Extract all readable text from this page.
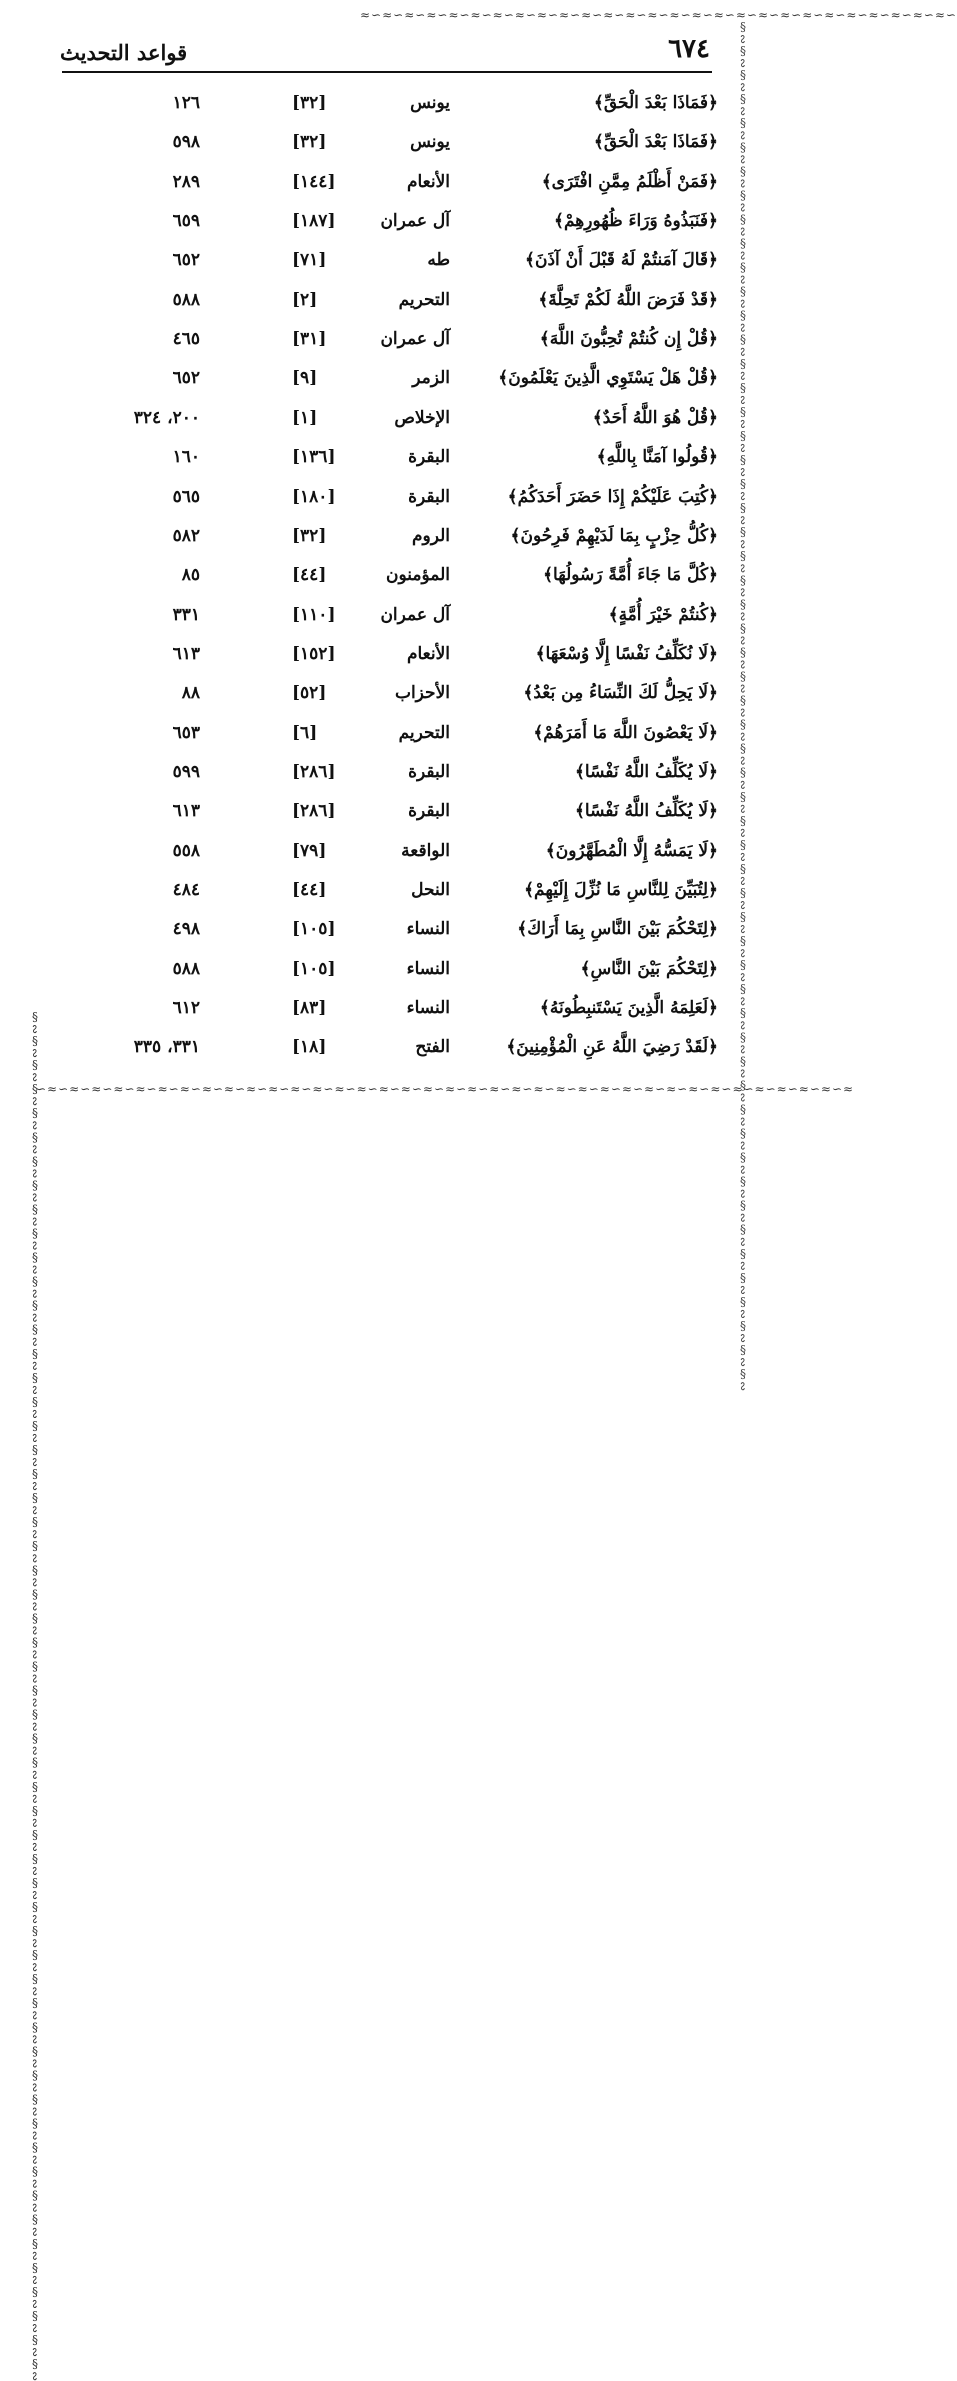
≈∽≈∽≈∽≈∽≈∽≈∽≈∽≈∽≈∽≈∽≈∽≈∽≈∽≈∽≈∽≈∽≈∽≈∽≈∽≈∽≈∽≈∽≈∽≈∽≈∽≈∽≈∽
§∾§∾§∾§∾§∾§∾§∾§∾§∾§∾§∾§∾§∾§∾§∾§∾§∾§∾§∾§∾§∾§∾§∾§∾§∾§∾§∾§∾§∾§∾§∾§∾§∾§∾§∾§∾§∾§∾§∾§∾§∾§∾§∾§∾§∾§∾§∾§∾§∾§∾§∾§∾§∾§∾§∾§∾§∾
§∾§∾§∾§∾§∾§∾§∾§∾§∾§∾§∾§∾§∾§∾§∾§∾§∾§∾§∾§∾§∾§∾§∾§∾§∾§∾§∾§∾§∾§∾§∾§∾§∾§∾§∾§∾§∾§∾§∾§∾§∾§∾§∾§∾§∾§∾§∾§∾§∾§∾§∾§∾§∾§∾§∾§∾§∾
∽≈∽≈∽≈∽≈∽≈∽≈∽≈∽≈∽≈∽≈∽≈∽≈∽≈∽≈∽≈∽≈∽≈∽≈∽≈∽≈∽≈∽≈∽≈∽≈∽≈∽≈∽≈∽≈∽≈∽≈∽≈∽≈∽≈∽≈∽≈∽≈∽≈
قواعد التحديث	٦٧٤
﴿فَمَاذَا بَعْدَ الْحَقِّ﴾
يونس
[٣٢]
١٢٦
﴿فَمَاذَا بَعْدَ الْحَقِّ﴾
يونس
[٣٢]
٥٩٨
﴿فَمَنْ أَظْلَمُ مِمَّنِ افْتَرَى﴾
الأنعام
[١٤٤]
٢٨٩
﴿فَنَبَذُوهُ وَرَاءَ ظُهُورِهِمْ﴾
آل عمران
[١٨٧]
٦٥٩
﴿قَالَ آمَنتُمْ لَهُ قَبْلَ أَنْ آذَنَ﴾
طه
[٧١]
٦٥٢
﴿قَدْ فَرَضَ اللَّهُ لَكُمْ تَحِلَّةَ﴾
التحريم
[٢]
٥٨٨
﴿قُلْ إِن كُنتُمْ تُحِبُّونَ اللَّهَ﴾
آل عمران
[٣١]
٤٦٥
﴿قُلْ هَلْ يَسْتَوِي الَّذِينَ يَعْلَمُونَ﴾
الزمر
[٩]
٦٥٢
﴿قُلْ هُوَ اللَّهُ أَحَدٌ﴾
الإخلاص
[١]
٢٠٠، ٣٢٤
﴿قُولُوا آمَنَّا بِاللَّهِ﴾
البقرة
[١٣٦]
١٦٠
﴿كُتِبَ عَلَيْكُمْ إِذَا حَضَرَ أَحَدَكُمُ﴾
البقرة
[١٨٠]
٥٦٥
﴿كُلُّ حِزْبٍ بِمَا لَدَيْهِمْ فَرِحُونَ﴾
الروم
[٣٢]
٥٨٢
﴿كُلَّ مَا جَاءَ أُمَّةً رَسُولُهَا﴾
المؤمنون
[٤٤]
٨٥
﴿كُنتُمْ خَيْرَ أُمَّةٍ﴾
آل عمران
[١١٠]
٣٣١
﴿لَا نُكَلِّفُ نَفْسًا إِلَّا وُسْعَهَا﴾
الأنعام
[١٥٢]
٦١٣
﴿لَا يَحِلُّ لَكَ النِّسَاءُ مِن بَعْدُ﴾
الأحزاب
[٥٢]
٨٨
﴿لَا يَعْصُونَ اللَّهَ مَا أَمَرَهُمْ﴾
التحريم
[٦]
٦٥٣
﴿لَا يُكَلِّفُ اللَّهُ نَفْسًا﴾
البقرة
[٢٨٦]
٥٩٩
﴿لَا يُكَلِّفُ اللَّهُ نَفْسًا﴾
البقرة
[٢٨٦]
٦١٣
﴿لَا يَمَسُّهُ إِلَّا الْمُطَهَّرُونَ﴾
الواقعة
[٧٩]
٥٥٨
﴿لِتُبَيِّنَ لِلنَّاسِ مَا نُزِّلَ إِلَيْهِمْ﴾
النحل
[٤٤]
٤٨٤
﴿لِتَحْكُمَ بَيْنَ النَّاسِ بِمَا أَرَاكَ﴾
النساء
[١٠٥]
٤٩٨
﴿لِتَحْكُمَ بَيْنَ النَّاسِ﴾
النساء
[١٠٥]
٥٨٨
﴿لَعَلِمَهُ الَّذِينَ يَسْتَنبِطُونَهُ﴾
النساء
[٨٣]
٦١٢
﴿لَقَدْ رَضِيَ اللَّهُ عَنِ الْمُؤْمِنِينَ﴾
الفتح
[١٨]
٣٣١، ٣٣٥
